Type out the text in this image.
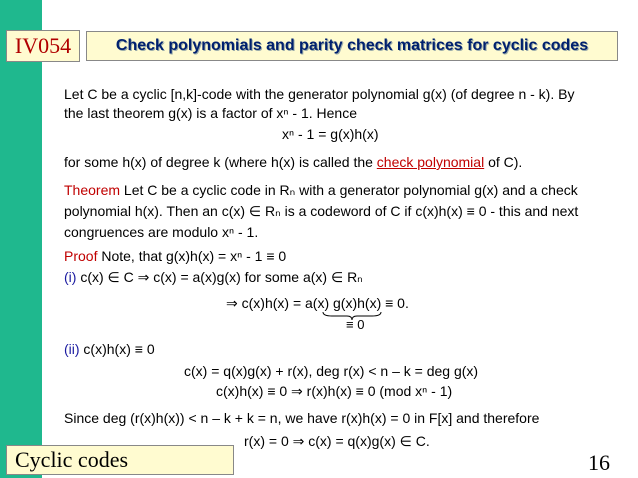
IV054	Check polynomials and parity check matrices for cyclic codes
Let C be a cyclic [n,k]-code with the generator polynomial g(x) (of degree n - k). By
the last theorem g(x) is a factor of xⁿ - 1. Hence
xⁿ - 1 = g(x)h(x)
for some h(x) of degree k (where h(x) is called the check polynomial of C).
Theorem Let C be a cyclic code in Rₙ with a generator polynomial g(x) and a check
polynomial h(x). Then an c(x) ∈ Rₙ is a codeword of C if c(x)h(x) ≡ 0 - this and next
congruences are modulo xⁿ - 1.
Proof Note, that g(x)h(x) = xⁿ - 1 ≡ 0
(i) c(x) ∈ C ⇒ c(x) = a(x)g(x) for some a(x) ∈ Rₙ
⇒ c(x)h(x) = a(x) g(x)h(x) ≡ 0.
≡ 0
(ii) c(x)h(x) ≡ 0
c(x) = q(x)g(x) + r(x), deg r(x) < n – k = deg g(x)
c(x)h(x) ≡ 0 ⇒ r(x)h(x) ≡ 0 (mod xⁿ - 1)
Since deg (r(x)h(x)) < n – k + k = n, we have r(x)h(x) = 0 in F[x] and therefore
r(x) = 0 ⇒ c(x) = q(x)g(x) ∈ C.
Cyclic codes	16
